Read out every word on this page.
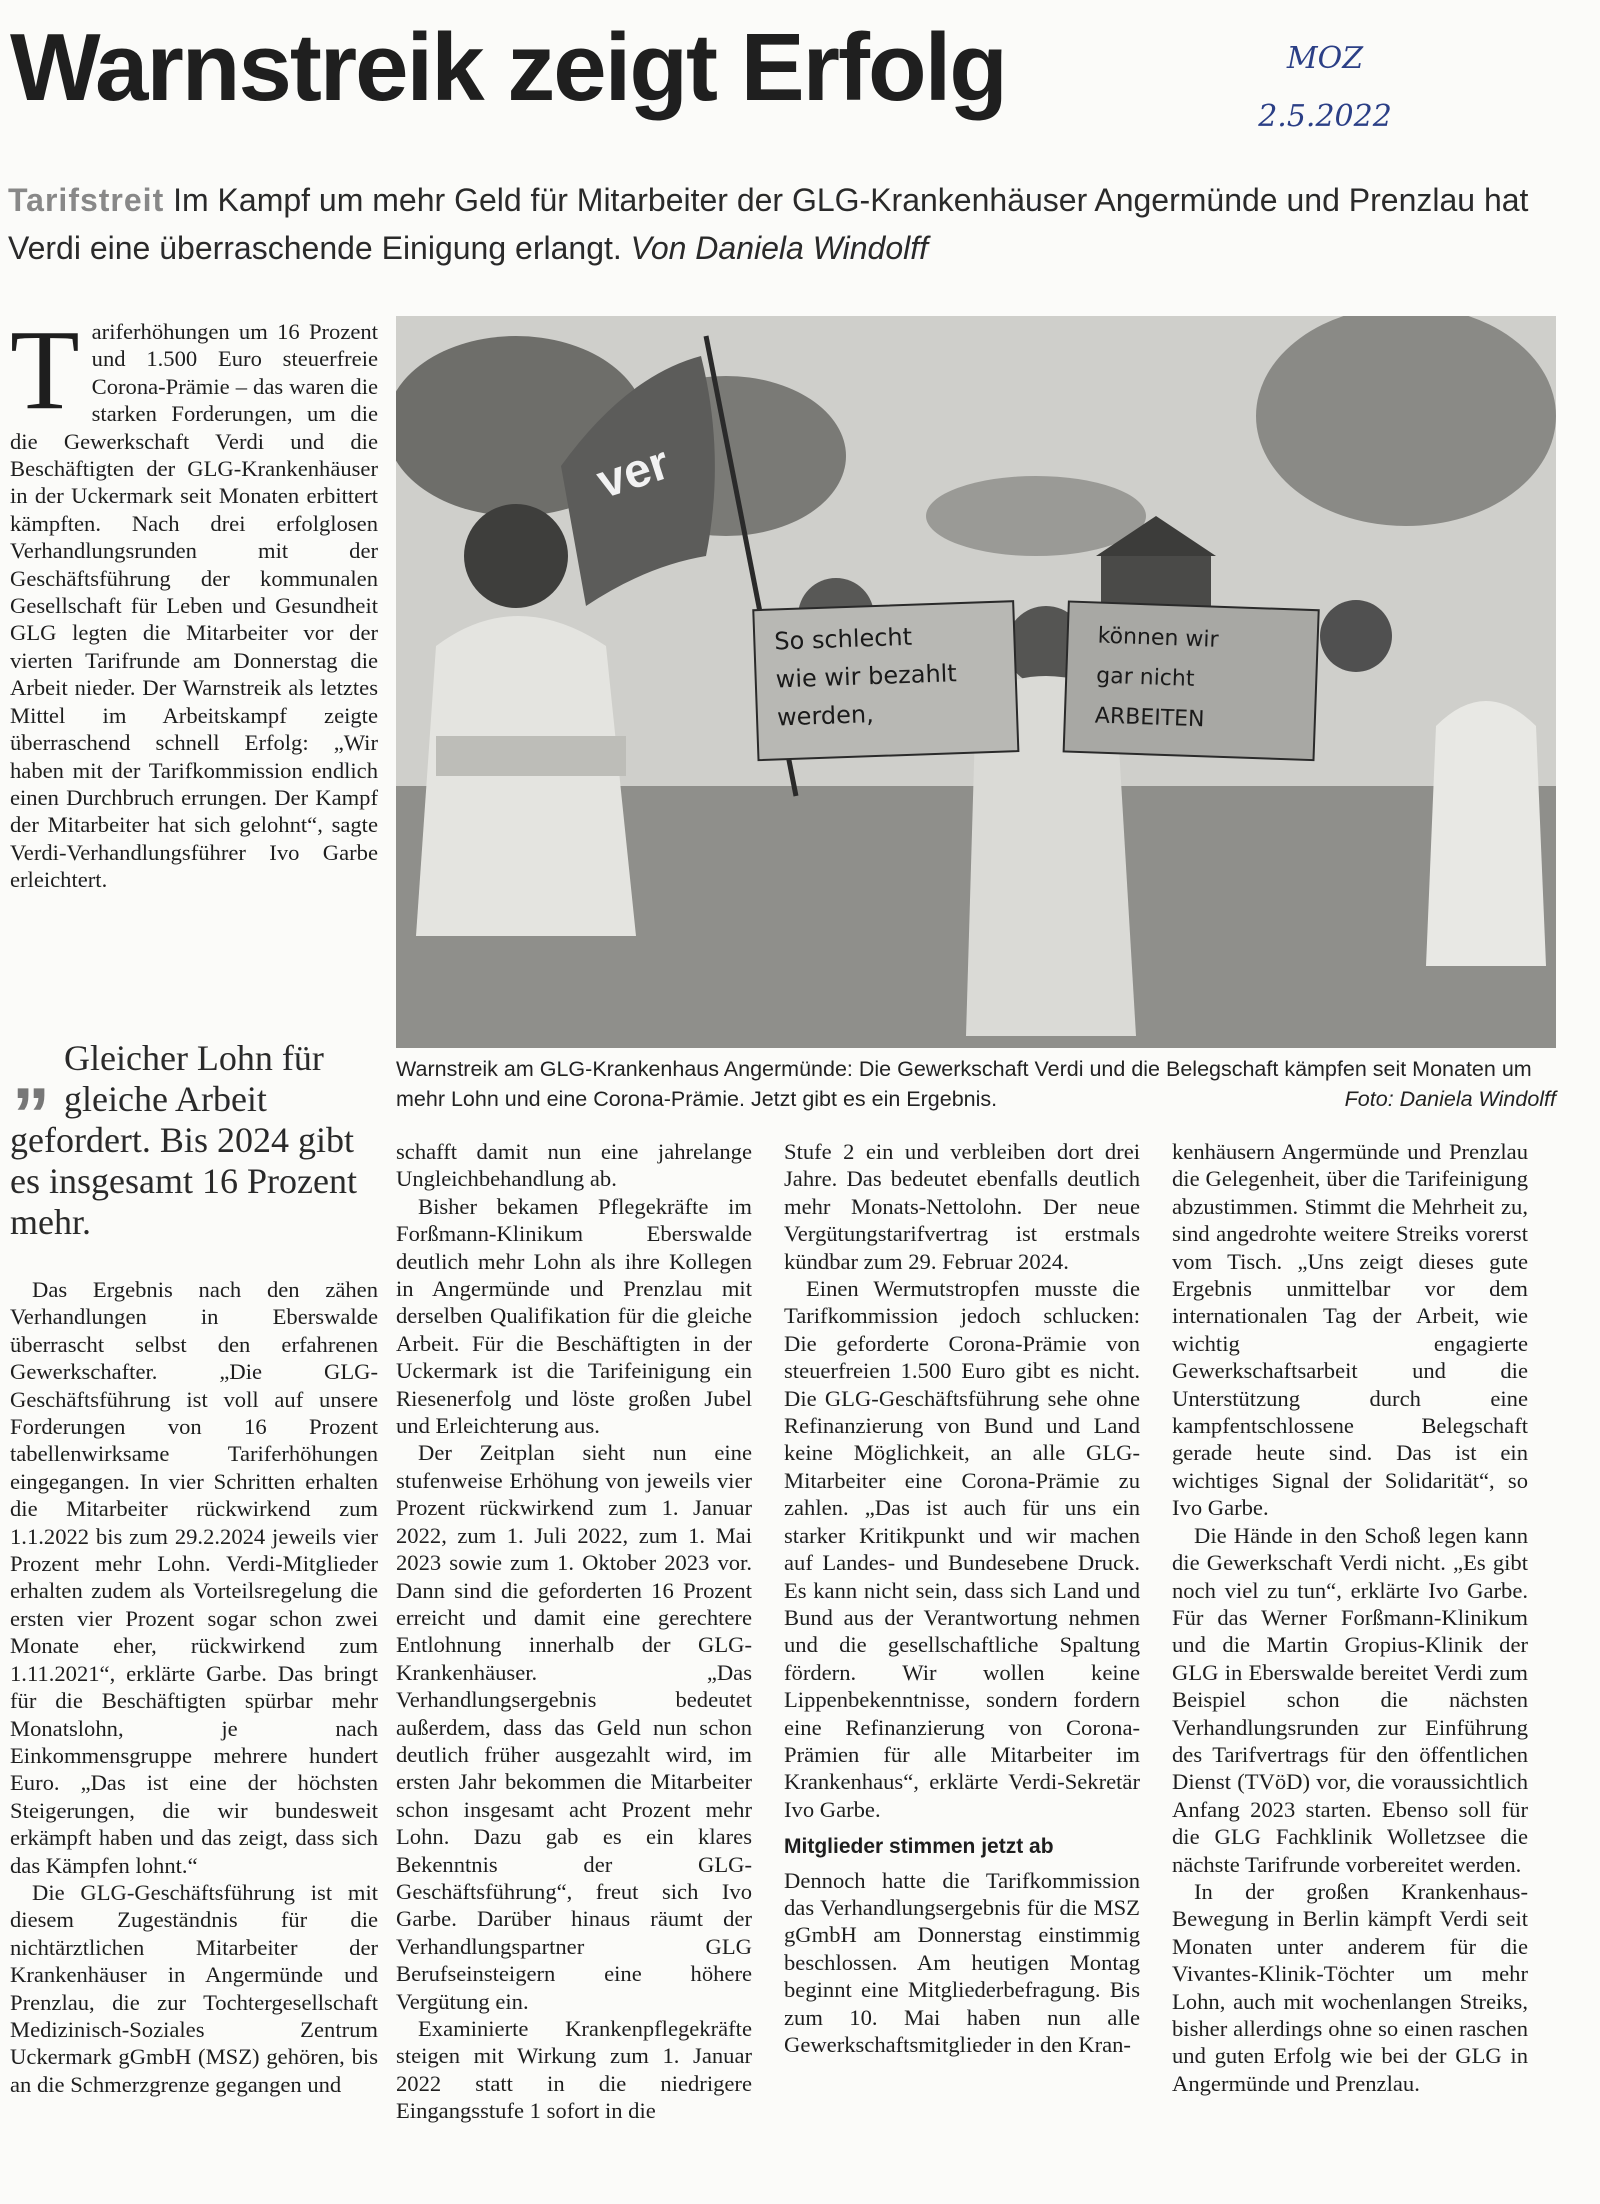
Warnstreik zeigt Erfolg	MOZ
2.5.2022
Tarifstreit Im Kampf um mehr Geld für Mitarbeiter der GLG-Krankenhäuser Angermünde und Prenzlau hat Verdi eine überraschende Einigung erlangt. Von Daniela Windolff

Tariferhöhungen um 16 Prozent und 1.500 Euro steuerfreie Corona-Prämie – das waren die starken Forderungen, um die die Gewerkschaft Verdi und die Beschäftigten der GLG-Krankenhäuser in der Uckermark seit Monaten erbittert kämpften. Nach drei erfolglosen Verhandlungsrunden mit der Geschäftsführung der kommunalen Gesellschaft für Leben und Gesundheit GLG legten die Mitarbeiter vor der vierten Tarifrunde am Donnerstag die Arbeit nieder. Der Warnstreik als letztes Mittel im Arbeitskampf zeigte überraschend schnell Erfolg: „Wir haben mit der Tarifkommission endlich einen Durchbruch errungen. Der Kampf der Mitarbeiter hat sich gelohnt“, sagte Verdi-Verhandlungsführer Ivo Garbe erleichtert.

ver
So schlecht wie wir bezahlt werden,
können wir gar nicht ARBEITEN
Warnstreik am GLG-Krankenhaus Angermünde: Die Gewerkschaft Verdi und die Belegschaft kämpfen seit Monaten um mehr Lohn und eine Corona-Prämie. Jetzt gibt es ein Ergebnis.	Foto: Daniela Windolff
„ Gleicher Lohn für gleiche Arbeit gefordert. Bis 2024 gibt es insgesamt 16 Prozent mehr.

Das Ergebnis nach den zähen Verhandlungen in Eberswalde überrascht selbst den erfahrenen Gewerkschafter. „Die GLG-Geschäftsführung ist voll auf unsere Forderungen von 16 Prozent tabellenwirksame Tariferhöhungen eingegangen. In vier Schritten erhalten die Mitarbeiter rückwirkend zum 1.1.2022 bis zum 29.2.2024 jeweils vier Prozent mehr Lohn. Verdi-Mitglieder erhalten zudem als Vorteilsregelung die ersten vier Prozent sogar schon zwei Monate eher, rückwirkend zum 1.11.2021“, erklärte Garbe. Das bringt für die Beschäftigten spürbar mehr Monatslohn, je nach Einkommensgruppe mehrere hundert Euro. „Das ist eine der höchsten Steigerungen, die wir bundesweit erkämpft haben und das zeigt, dass sich das Kämpfen lohnt.“

Die GLG-Geschäftsführung ist mit diesem Zugeständnis für die nichtärztlichen Mitarbeiter der Krankenhäuser in Angermünde und Prenzlau, die zur Tochtergesellschaft Medizinisch-Soziales Zentrum Uckermark gGmbH (MSZ) gehören, bis an die Schmerzgrenze gegangen und

schafft damit nun eine jahrelange Ungleichbehandlung ab.

Bisher bekamen Pflegekräfte im Forßmann-Klinikum Eberswalde deutlich mehr Lohn als ihre Kollegen in Angermünde und Prenzlau mit derselben Qualifikation für die gleiche Arbeit. Für die Beschäftigten in der Uckermark ist die Tarifeinigung ein Riesenerfolg und löste großen Jubel und Erleichterung aus.

Der Zeitplan sieht nun eine stufenweise Erhöhung von jeweils vier Prozent rückwirkend zum 1. Januar 2022, zum 1. Juli 2022, zum 1. Mai 2023 sowie zum 1. Oktober 2023 vor. Dann sind die geforderten 16 Prozent erreicht und damit eine gerechtere Entlohnung innerhalb der GLG-Krankenhäuser. „Das Verhandlungsergebnis bedeutet außerdem, dass das Geld nun schon deutlich früher ausgezahlt wird, im ersten Jahr bekommen die Mitarbeiter schon insgesamt acht Prozent mehr Lohn. Dazu gab es ein klares Bekenntnis der GLG-Geschäftsführung“, freut sich Ivo Garbe. Darüber hinaus räumt der Verhandlungspartner GLG Berufseinsteigern eine höhere Vergütung ein.

Examinierte Krankenpflegekräfte steigen mit Wirkung zum 1. Januar 2022 statt in die niedrigere Eingangsstufe 1 sofort in die

Stufe 2 ein und verbleiben dort drei Jahre. Das bedeutet ebenfalls deutlich mehr Monats-Nettolohn. Der neue Vergütungstarifvertrag ist erstmals kündbar zum 29. Februar 2024.

Einen Wermutstropfen musste die Tarifkommission jedoch schlucken: Die geforderte Corona-Prämie von steuerfreien 1.500 Euro gibt es nicht. Die GLG-Geschäftsführung sehe ohne Refinanzierung von Bund und Land keine Möglichkeit, an alle GLG-Mitarbeiter eine Corona-Prämie zu zahlen. „Das ist auch für uns ein starker Kritikpunkt und wir machen auf Landes- und Bundesebene Druck. Es kann nicht sein, dass sich Land und Bund aus der Verantwortung nehmen und die gesellschaftliche Spaltung fördern. Wir wollen keine Lippenbekenntnisse, sondern fordern eine Refinanzierung von Corona-Prämien für alle Mitarbeiter im Krankenhaus“, erklärte Verdi-Sekretär Ivo Garbe.

Mitglieder stimmen jetzt ab

Dennoch hatte die Tarifkommission das Verhandlungsergebnis für die MSZ gGmbH am Donnerstag einstimmig beschlossen. Am heutigen Montag beginnt eine Mitgliederbefragung. Bis zum 10. Mai haben nun alle Gewerkschaftsmitglieder in den Kran-

kenhäusern Angermünde und Prenzlau die Gelegenheit, über die Tarifeinigung abzustimmen. Stimmt die Mehrheit zu, sind angedrohte weitere Streiks vorerst vom Tisch. „Uns zeigt dieses gute Ergebnis unmittelbar vor dem internationalen Tag der Arbeit, wie wichtig engagierte Gewerkschaftsarbeit und die Unterstützung durch eine kampfentschlossene Belegschaft gerade heute sind. Das ist ein wichtiges Signal der Solidarität“, so Ivo Garbe.

Die Hände in den Schoß legen kann die Gewerkschaft Verdi nicht. „Es gibt noch viel zu tun“, erklärte Ivo Garbe. Für das Werner Forßmann-Klinikum und die Martin Gropius-Klinik der GLG in Eberswalde bereitet Verdi zum Beispiel schon die nächsten Verhandlungsrunden zur Einführung des Tarifvertrags für den öffentlichen Dienst (TVöD) vor, die voraussichtlich Anfang 2023 starten. Ebenso soll für die GLG Fachklinik Wolletzsee die nächste Tarifrunde vorbereitet werden.

In der großen Krankenhaus-Bewegung in Berlin kämpft Verdi seit Monaten unter anderem für die Vivantes-Klinik-Töchter um mehr Lohn, auch mit wochenlangen Streiks, bisher allerdings ohne so einen raschen und guten Erfolg wie bei der GLG in Angermünde und Prenzlau.
